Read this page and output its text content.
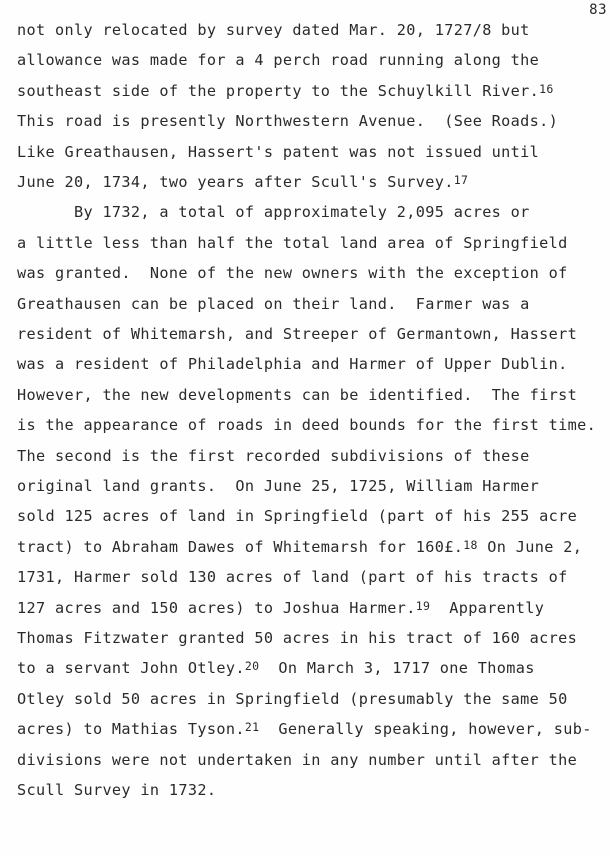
83
not only relocated by survey dated Mar. 20, 1727/8 but
allowance was made for a 4 perch road running along the
southeast side of the property to the Schuylkill River.$^{16}$
This road is presently Northwestern Avenue.  (See Roads.)
Like Greathausen, Hassert's patent was not issued until
June 20, 1734, two years after Scull's Survey.$^{17}$
By 1732, a total of approximately 2,095 acres or
a little less than half the total land area of Springfield
was granted.  None of the new owners with the exception of
Greathausen can be placed on their land.  Farmer was a
resident of Whitemarsh, and Streeper of Germantown, Hassert
was a resident of Philadelphia and Harmer of Upper Dublin.
However, the new developments can be identified.  The first
is the appearance of roads in deed bounds for the first time.
The second is the first recorded subdivisions of these
original land grants.  On June 25, 1725, William Harmer
sold 125 acres of land in Springfield (part of his 255 acre
tract) to Abraham Dawes of Whitemarsh for 160£.$^{18}$ On June 2,
1731, Harmer sold 130 acres of land (part of his tracts of
127 acres and 150 acres) to Joshua Harmer.$^{19}$  Apparently
Thomas Fitzwater granted 50 acres in his tract of 160 acres
to a servant John Otley.$^{20}$  On March 3, 1717 one Thomas
Otley sold 50 acres in Springfield (presumably the same 50
acres) to Mathias Tyson.$^{21}$  Generally speaking, however, sub-
divisions were not undertaken in any number until after the
Scull Survey in 1732.
